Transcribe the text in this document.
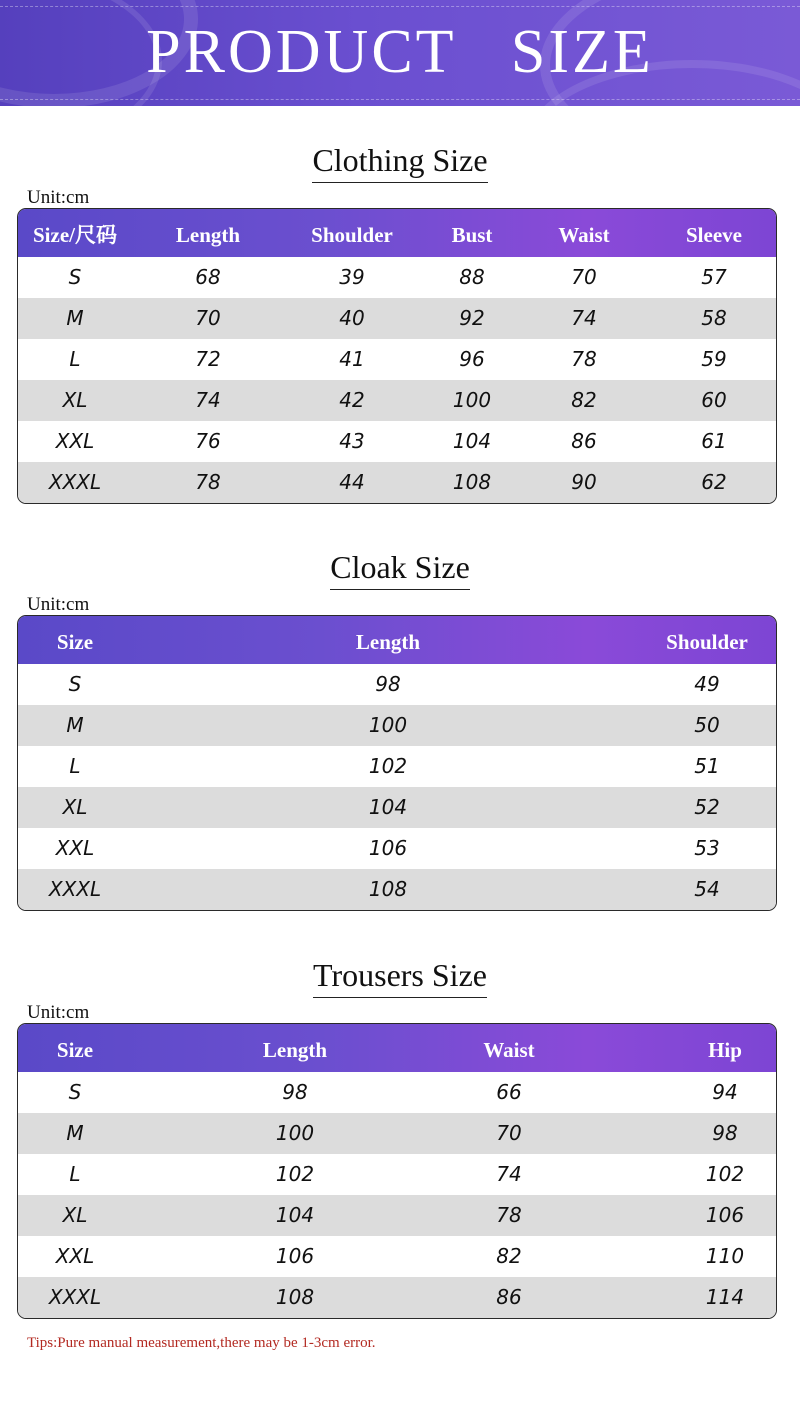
PRODUCT   SIZE
Clothing Size
Unit:cm
Size/尺码	Length	Shoulder	Bust	Waist	Sleeve
S	68	39	88	70	57
M	70	40	92	74	58
L	72	41	96	78	59
XL	74	42	100	82	60
XXL	76	43	104	86	61
XXXL	78	44	108	90	62
Cloak Size
Unit:cm
Size	Length	Shoulder
S	98	49
M	100	50
L	102	51
XL	104	52
XXL	106	53
XXXL	108	54
Trousers Size
Unit:cm
Size	Length	Waist	Hip
S	98	66	94
M	100	70	98
L	102	74	102
XL	104	78	106
XXL	106	82	110
XXXL	108	86	114
Tips:Pure manual measurement,there may be 1-3cm error.
